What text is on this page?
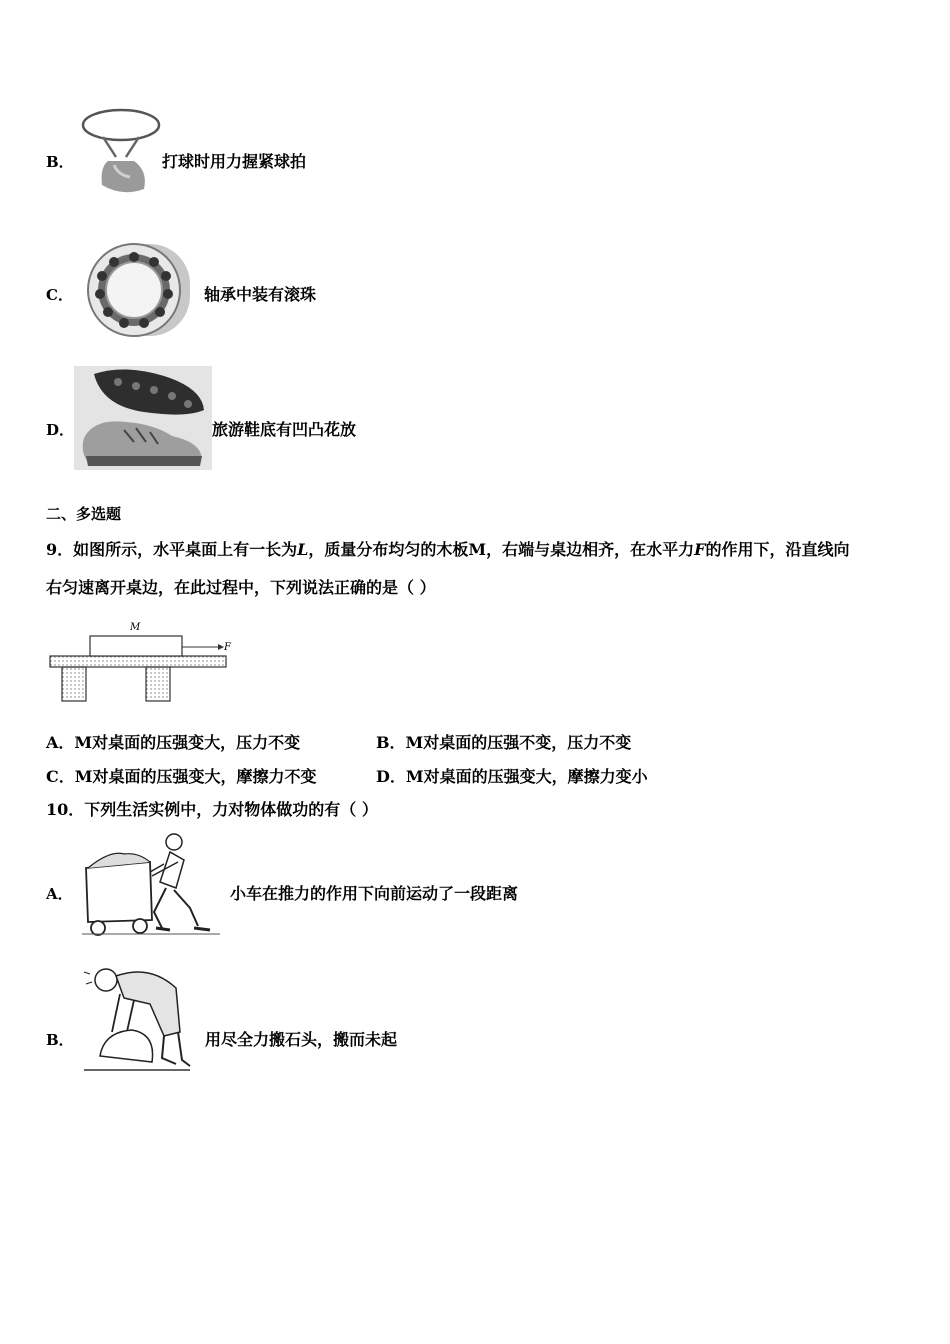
B．	打球时用力握紧球拍
C．	轴承中装有滚珠
D．	旅游鞋底有凹凸花放
二、多选题
9．如图所示，水平桌面上有一长为L，质量分布均匀的木板M，右端与桌边相齐，在水平力F的作用下，沿直线向
右匀速离开桌边，在此过程中，下列说法正确的是（ ）
M
F
A．M对桌面的压强变大，压力不变	B．M对桌面的压强不变，压力不变
C．M对桌面的压强变大，摩擦力不变	D．M对桌面的压强变大，摩擦力变小
10．下列生活实例中，力对物体做功的有（ ）
A．	小车在推力的作用下向前运动了一段距离
B．	用尽全力搬石头，搬而未起
